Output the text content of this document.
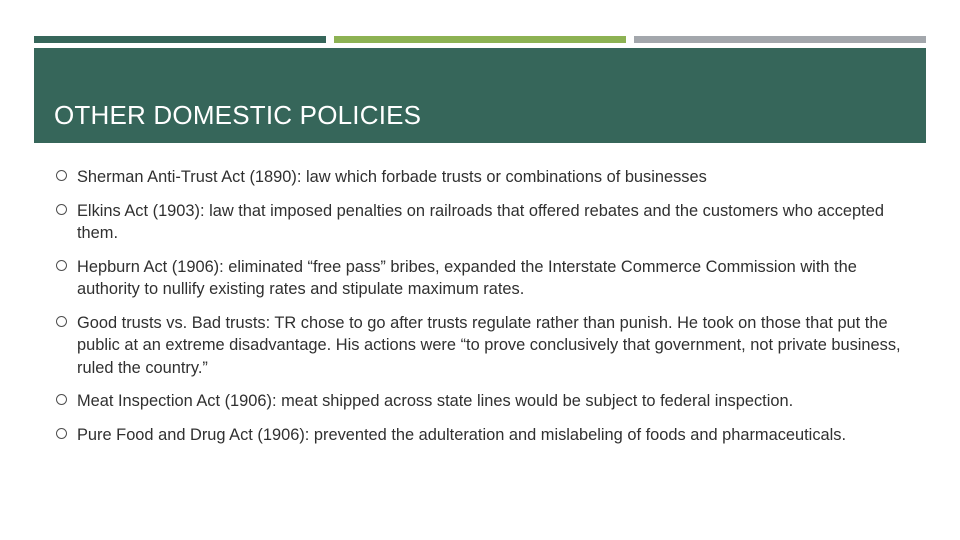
OTHER DOMESTIC POLICIES
Sherman Anti-Trust Act (1890): law which forbade trusts or combinations of businesses
Elkins Act (1903): law that imposed penalties on railroads that offered rebates and the customers who accepted them.
Hepburn Act (1906): eliminated “free pass” bribes, expanded the Interstate Commerce Commission with the authority to nullify existing rates and stipulate maximum rates.
Good trusts vs. Bad trusts: TR chose to go after trusts regulate rather than punish. He took on those that put the public at an extreme disadvantage. His actions were “to prove conclusively that government, not private business, ruled the country.”
Meat Inspection Act (1906): meat shipped across state lines would be subject to federal inspection.
Pure Food and Drug Act (1906): prevented the adulteration and mislabeling of foods and pharmaceuticals.
